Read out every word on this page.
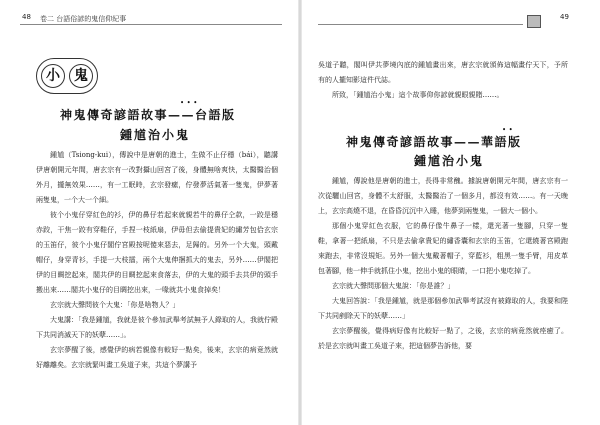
48 卷二 台語俗諺的鬼信仰紀事
小	鬼
•••
神鬼傳奇諺語故事——台語版
鍾馗治小鬼

鍾馗（Tsiong-kui），傳說中是唐朝的進士，生做不止仔穩（bái），聽講伊唐朝開元年間，唐玄宗有一改對攝山回宮了後，身體無啥爽快，太醫醫治個外月，攏無效果……，有一工眠時，玄宗發瘰，佇發夢活氣著一隻鬼，伊夢著兩隻鬼，一个大一个細。

彼个小鬼仔穿紅色的衫，伊的鼻仔若起來就親若牛的鼻仔仝款，一跤是穩赤跤，干焦一跤有穿鞋仔，手捏一枝紙扇，伊毋但去偷提貴妃的繡芳包佮玄宗的玉笛仔，彼个小鬼仔閣佇宮殿按呢傻來惡去，足歸的。另外一个大鬼，頭戴帽仔，身穿青衫，手提一大枝擂，兩个大鬼伸捆抓大的鬼去，另外……伊閣把伊的目睭挖起來，閣共伊的目睭挖起來食落去，伊的大鬼的頭手去共伊的頭手搬出來……閣共小鬼仔的目睭挖出來，一喙就共小鬼食掉矣！

玄宗就大聲問彼个大鬼：「你是啥物人？」

大鬼講：「我是鍾馗，我就是彼个參加武舉考試無予人錄取的人，我就佇殿下共同消滅天下的妖孽……」。

玄宗夢醒了後，感覺伊的病若親像有較好一點矣，後來，玄宗的病竟然就好離離矣。玄宗就緊叫畫工吳道子來，共這个夢講予

49

吳道子聽，閣叫伊共夢境內底的鍾馗畫出來，唐玄宗就頒佈這幅畫佇天下，予所有的人攏知影這件代誌。

所致，「鍾馗治小鬼」這个故事仰你諺就親眼親賭……。

••
神鬼傳奇諺語故事——華語版
鍾馗治小鬼

鍾馗，傳說他是唐朝的進士，長得非常醜。據說唐朝開元年間，唐玄宗有一次從驪山回宮，身體不太舒服，太醫醫治了一個多月，都沒有效……。有一天晚上，玄宗高燒不退，在昏昏沉沉中入睡，他夢到兩隻鬼，一個大一個小。

那個小鬼穿紅色衣服，它的鼻仔像牛鼻子一樣，還光著一隻腳，只穿一隻鞋，拿著一把紙扇，不只是去偷拿貴妃的繡香囊和玄宗的玉笛，它還繞著宮殿跑來跑去，非常沒規矩。另外一個大鬼戴著帽子，穿藍衫，粗黑一隻手臂，用皮革包著腳，他一伸手就抓住小鬼，挖出小鬼的眼睛，一口把小鬼吃掉了。

玄宗就大聲問那個大鬼說：「你是誰？」

大鬼回答說：「我是鍾馗，就是那個參加武舉考試沒有被錄取的人，我要和陛下共同剷除天下的妖孽……」

玄宗夢醒後，覺得病好像有比較好一點了，之後，玄宗的病竟然就痊癒了。於是玄宗就叫畫工吳道子來，把這個夢告訴他，要
